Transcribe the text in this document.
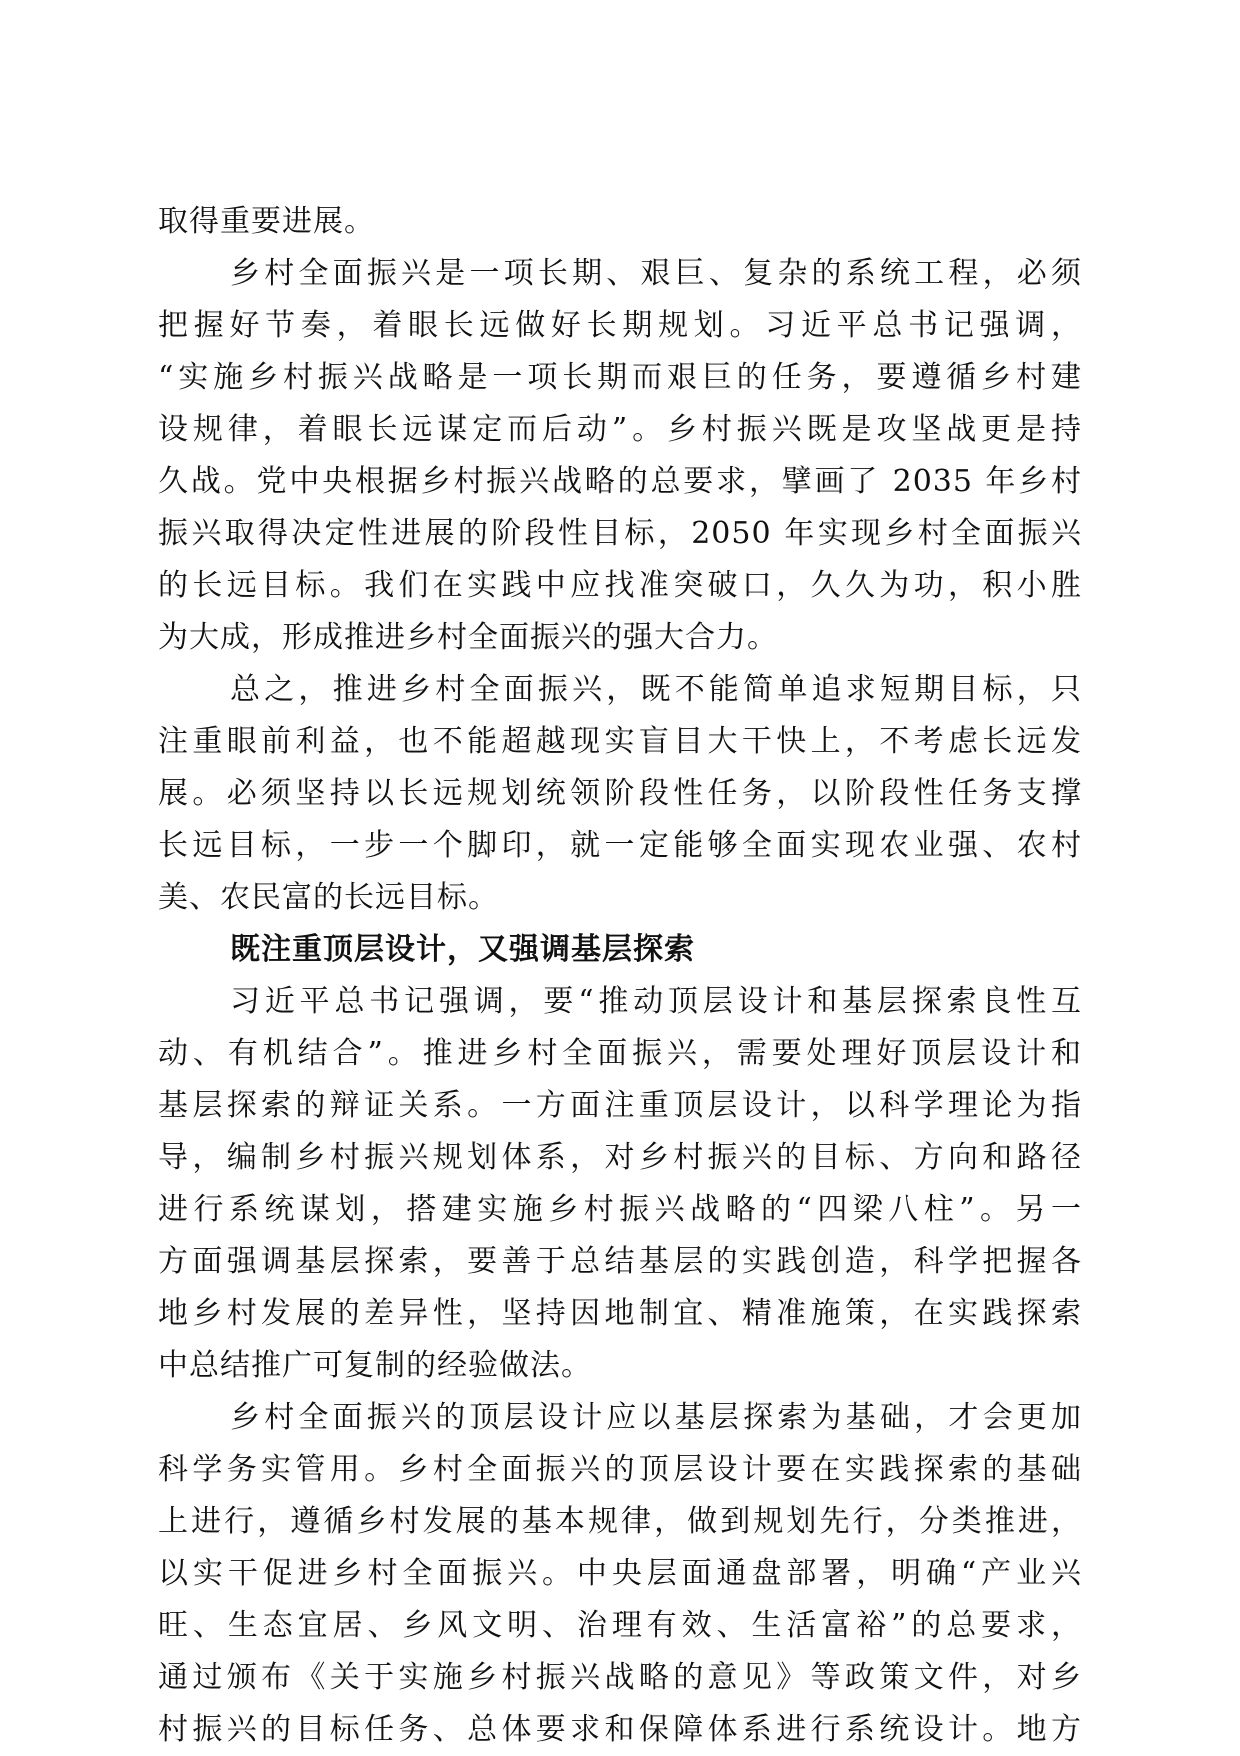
取得重要进展。
乡村全面振兴是一项长期、艰巨、复杂的系统工程，必须
把握好节奏，着眼长远做好长期规划。习近平总书记强调，
“实施乡村振兴战略是一项长期而艰巨的任务，要遵循乡村建
设规律，着眼长远谋定而后动”。乡村振兴既是攻坚战更是持
久战。党中央根据乡村振兴战略的总要求，擘画了 2035 年乡村
振兴取得决定性进展的阶段性目标，2050 年实现乡村全面振兴
的长远目标。我们在实践中应找准突破口，久久为功，积小胜
为大成，形成推进乡村全面振兴的强大合力。
总之，推进乡村全面振兴，既不能简单追求短期目标，只
注重眼前利益，也不能超越现实盲目大干快上，不考虑长远发
展。必须坚持以长远规划统领阶段性任务，以阶段性任务支撑
长远目标，一步一个脚印，就一定能够全面实现农业强、农村
美、农民富的长远目标。
既注重顶层设计，又强调基层探索
习近平总书记强调，要“推动顶层设计和基层探索良性互
动、有机结合”。推进乡村全面振兴，需要处理好顶层设计和
基层探索的辩证关系。一方面注重顶层设计，以科学理论为指
导，编制乡村振兴规划体系，对乡村振兴的目标、方向和路径
进行系统谋划，搭建实施乡村振兴战略的“四梁八柱”。另一
方面强调基层探索，要善于总结基层的实践创造，科学把握各
地乡村发展的差异性，坚持因地制宜、精准施策，在实践探索
中总结推广可复制的经验做法。
乡村全面振兴的顶层设计应以基层探索为基础，才会更加
科学务实管用。乡村全面振兴的顶层设计要在实践探索的基础
上进行，遵循乡村发展的基本规律，做到规划先行，分类推进，
以实干促进乡村全面振兴。中央层面通盘部署，明确“产业兴
旺、生态宜居、乡风文明、治理有效、生活富裕”的总要求，
通过颁布《关于实施乡村振兴战略的意见》等政策文件，对乡
村振兴的目标任务、总体要求和保障体系进行系统设计。地方
